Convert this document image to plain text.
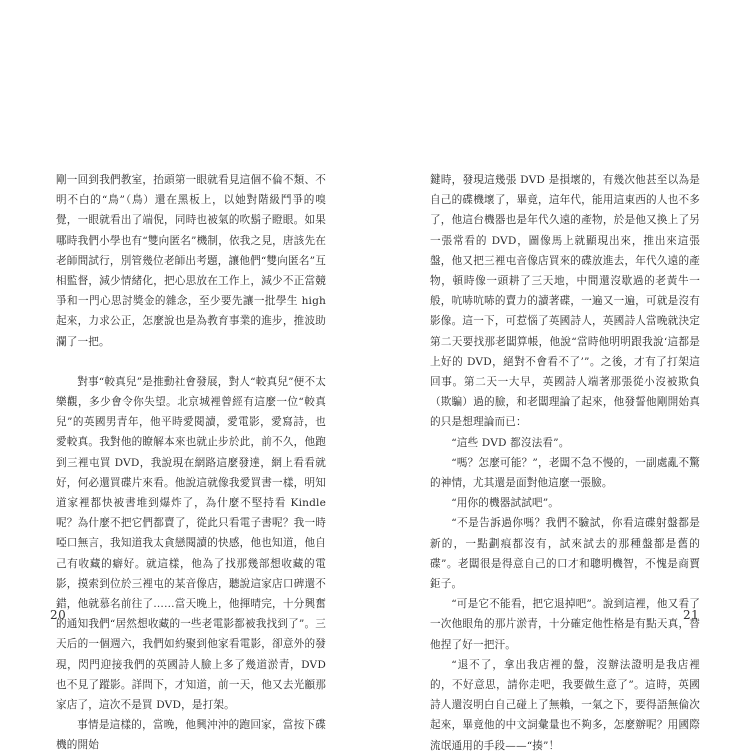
剛一回到我們教室，抬頭第一眼就看見這個不倫不類、不明不白的“鳥”（鳥）還在黑板上，以她對階級鬥爭的嗅覺，一眼就看出了端倪，同時也被氣的吹鬍子瞪眼。如果哪時我們小學也有“雙向匿名”機制，依我之見，唐該先在老師間試行，別管幾位老師出考題，讓他們“雙向匿名”互相監督，減少情緒化，把心思放在工作上，減少不正當競爭和一門心思討獎金的雜念，至少要先讓一批學生 high 起來，力求公正，怎麼說也是為教育事業的進步，推波助瀾了一把。

對事“較真兒”是推動社會發展，對人“較真兒”便不太樂觀，多少會令你失望。北京城裡曾經有這麼一位“較真兒”的英國男青年，他平時愛閱讀，愛電影，愛寫詩，也愛較真。我對他的瞭解本來也就止步於此，前不久，他跑到三裡屯買 DVD，我說現在網路這麼發達，網上看看就好，何必還買碟片來看。他說這就像我愛買書一樣，明知道家裡都快被書堆到爆炸了，為什麼不堅持看 Kindle 呢？為什麼不把它們都賣了，從此只看電子書呢？我一時啞口無言，我知道我太貪戀閱讀的快感，他也知道，他自己有收藏的癖好。就這樣，他為了找那幾部想收藏的電影，摸索到位於三裡屯的某音像店，聽說這家店口碑還不錯，他就慕名前往了……當天晚上，他揮晴完，十分興奮的通知我們“居然想收藏的一些老電影都被我找到了”。三天后的一個週六，我們如約聚到他家看電影，卻意外的發現，閃門迎接我們的英國詩人臉上多了幾道淤青，DVD 也不見了蹤影。詳問下，才知道，前一天，他又去光顧那家店了，這次不是買 DVD，是打架。

事情是這樣的，當晚，他興沖沖的跑回家，當按下碟機的開始

鍵時，發現這幾張 DVD 是損壞的，有幾次他甚至以為是自己的碟機壞了，畢竟，這年代，能用這東西的人也不多了，他這台機器也是年代久遠的產物，於是他又換上了另一張常看的 DVD，圖像馬上就顯現出來，推出來這張盤，他又把三裡屯音像店買來的碟放進去，年代久遠的產物，頓時像一頭耕了三天地，中間還沒歇過的老黃牛一般，吭哧吭哧的賣力的讀著碟，一遍又一遍，可就是沒有影像。這一下，可惹惱了英國詩人，英國詩人當晚就決定第二天要找那老闆算帳，他說“當時他明明跟我說‘這都是上好的 DVD，絕對不會看不了’”。之後，才有了打架這回事。第二天一大早，英國詩人端著那張從小沒被欺負（欺騙）過的臉，和老闆理論了起來，他發誓他剛開始真的只是想理論而已：

“這些 DVD 都沒法看”。

“嗎？怎麼可能？”，老闆不急不慢的，一副處亂不驚的神情，尤其還是面對他這麼一張臉。

“用你的機器試試吧”。

“不是告訴過你嗎？我們不驗試，你看這碟射盤都是新的，一點劃痕都沒有，試來試去的那種盤都是舊的碟”。老闆很是得意自己的口才和聰明機智，不愧是商賈鉅子。

“可是它不能看，把它退掉吧”。說到這裡，他又看了一次他眼角的那片淤青，十分確定他性格是有點天真，替他捏了好一把汗。

“退不了，拿出我店裡的盤，沒辦法證明是我店裡的，不好意思，請你走吧，我要做生意了”。這時，英國詩人還沒明白自己碰上了無賴，一氣之下，要得語無倫次起來，畢竟他的中文詞彙量也不夠多，怎麼辦呢？用國際流氓通用的手段——“揍”！

20	21
